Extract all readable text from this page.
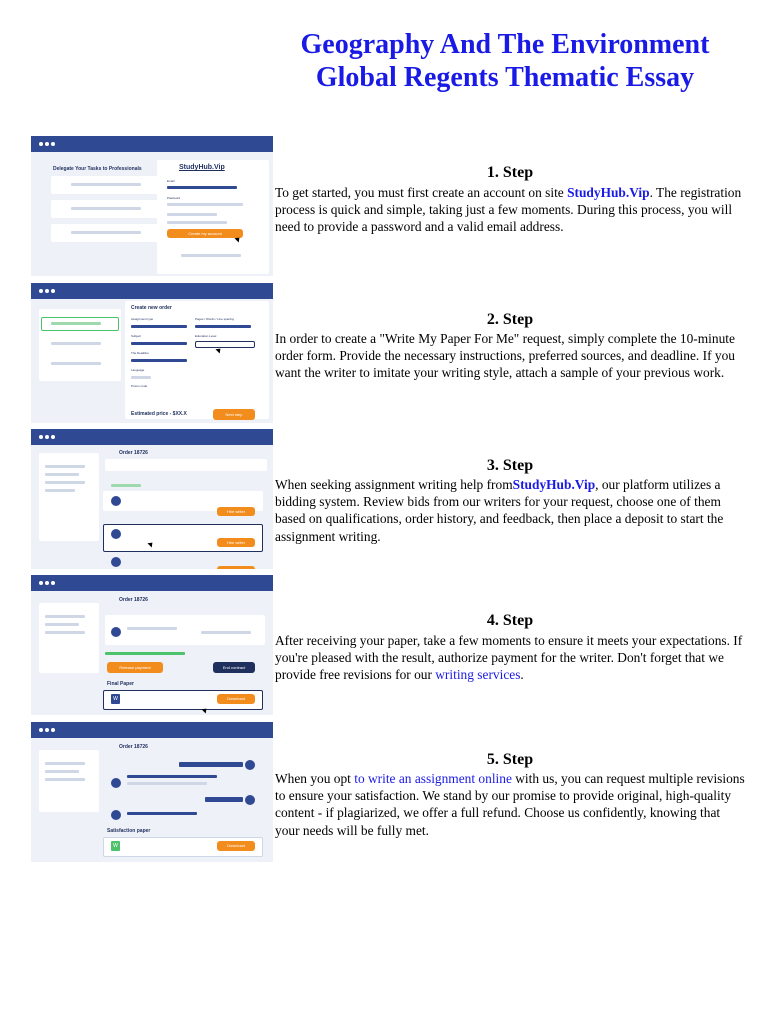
Geography And The Environment
Global Regents Thematic Essay
Delegate Your Tasks to Professionals	StudyHub.Vip
Email
Password
Create my account
Create new order
Assignment type	Pages / Words / Line spacing
Subject	Education Level
The Deadline
Language
Promo code
Estimated price - $XX.X	Next step
Order 18726
Hire writer
Hire writer
Order 18726
Release payment	End contract
Final Paper
W	Download
Order 18726
Satisfaction paper
W	Download
1. Step

To get started, you must first create an account on site StudyHub.Vip. The registration process is quick and simple, taking just a few moments. During this process, you will need to provide a password and a valid email address.

2. Step

In order to create a "Write My Paper For Me" request, simply complete the 10-minute order form. Provide the necessary instructions, preferred sources, and deadline. If you want the writer to imitate your writing style, attach a sample of your previous work.

3. Step

When seeking assignment writing help fromStudyHub.Vip, our platform utilizes a bidding system. Review bids from our writers for your request, choose one of them based on qualifications, order history, and feedback, then place a deposit to start the assignment writing.

4. Step

After receiving your paper, take a few moments to ensure it meets your expectations. If you're pleased with the result, authorize payment for the writer. Don't forget that we provide free revisions for our writing services.

5. Step

When you opt to write an assignment online with us, you can request multiple revisions to ensure your satisfaction. We stand by our promise to provide original, high-quality content - if plagiarized, we offer a full refund. Choose us confidently, knowing that your needs will be fully met.
